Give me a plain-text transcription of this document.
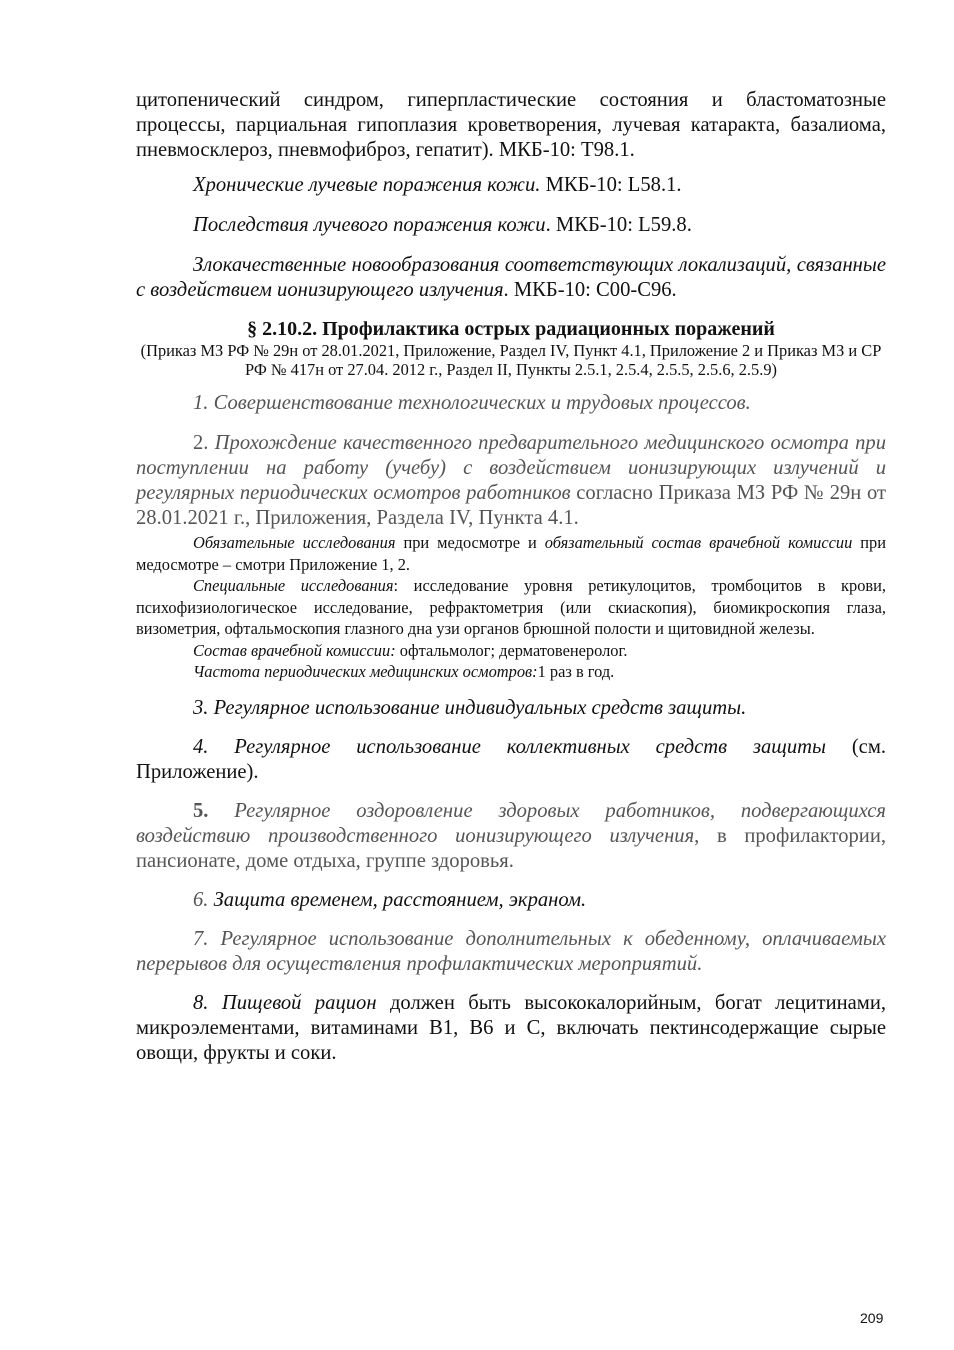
цитопенический синдром, гиперпластические состояния и бластоматозные процессы, парциальная гипоплазия кроветворения, лучевая катаракта, базалиома, пневмосклероз, пневмофиброз, гепатит). МКБ-10: Т98.1.

Хронические лучевые поражения кожи. МКБ-10: L58.1.

Последствия лучевого поражения кожи. МКБ-10: L59.8.

Злокачественные новообразования соответствующих локализаций, связанные с воздействием ионизирующего излучения. МКБ-10: С00-С96.

§ 2.10.2. Профилактика острых радиационных поражений

(Приказ МЗ РФ № 29н от 28.01.2021, Приложение, Раздел IV, Пункт 4.1, Приложение 2 и Приказ МЗ и СР РФ № 417н от 27.04. 2012 г., Раздел II, Пункты 2.5.1, 2.5.4, 2.5.5, 2.5.6, 2.5.9)

1. Совершенствование технологических и трудовых процессов.

2. Прохождение качественного предварительного медицинского осмотра при поступлении на работу (учебу) с воздействием ионизирующих излучений и регулярных периодических осмотров работников согласно Приказа МЗ РФ № 29н от 28.01.2021 г., Приложения, Раздела IV, Пункта 4.1.

Обязательные исследования при медосмотре и обязательный состав врачебной комиссии при медосмотре – смотри Приложение 1, 2.

Специальные исследования: исследование уровня ретикулоцитов, тромбоцитов в крови, психофизиологическое исследование, рефрактометрия (или скиаскопия), биомикроскопия глаза, визометрия, офтальмоскопия глазного дна узи органов брюшной полости и щитовидной железы.

Состав врачебной комиссии: офтальмолог; дерматовенеролог.

Частота периодических медицинских осмотров:1 раз в год.

3. Регулярное использование индивидуальных средств защиты.

4. Регулярное использование коллективных средств защиты (см. Приложение).

5. Регулярное оздоровление здоровых работников, подвергающихся воздействию производственного ионизирующего излучения, в профилактории, пансионате, доме отдыха, группе здоровья.

6. Защита временем, расстоянием, экраном.

7. Регулярное использование дополнительных к обеденному, оплачиваемых перерывов для осуществления профилактических мероприятий.

8. Пищевой рацион должен быть высококалорийным, богат лецитинами, микроэлементами, витаминами В1, В6 и С, включать пектинсодержащие сырые овощи, фрукты и соки.

209
